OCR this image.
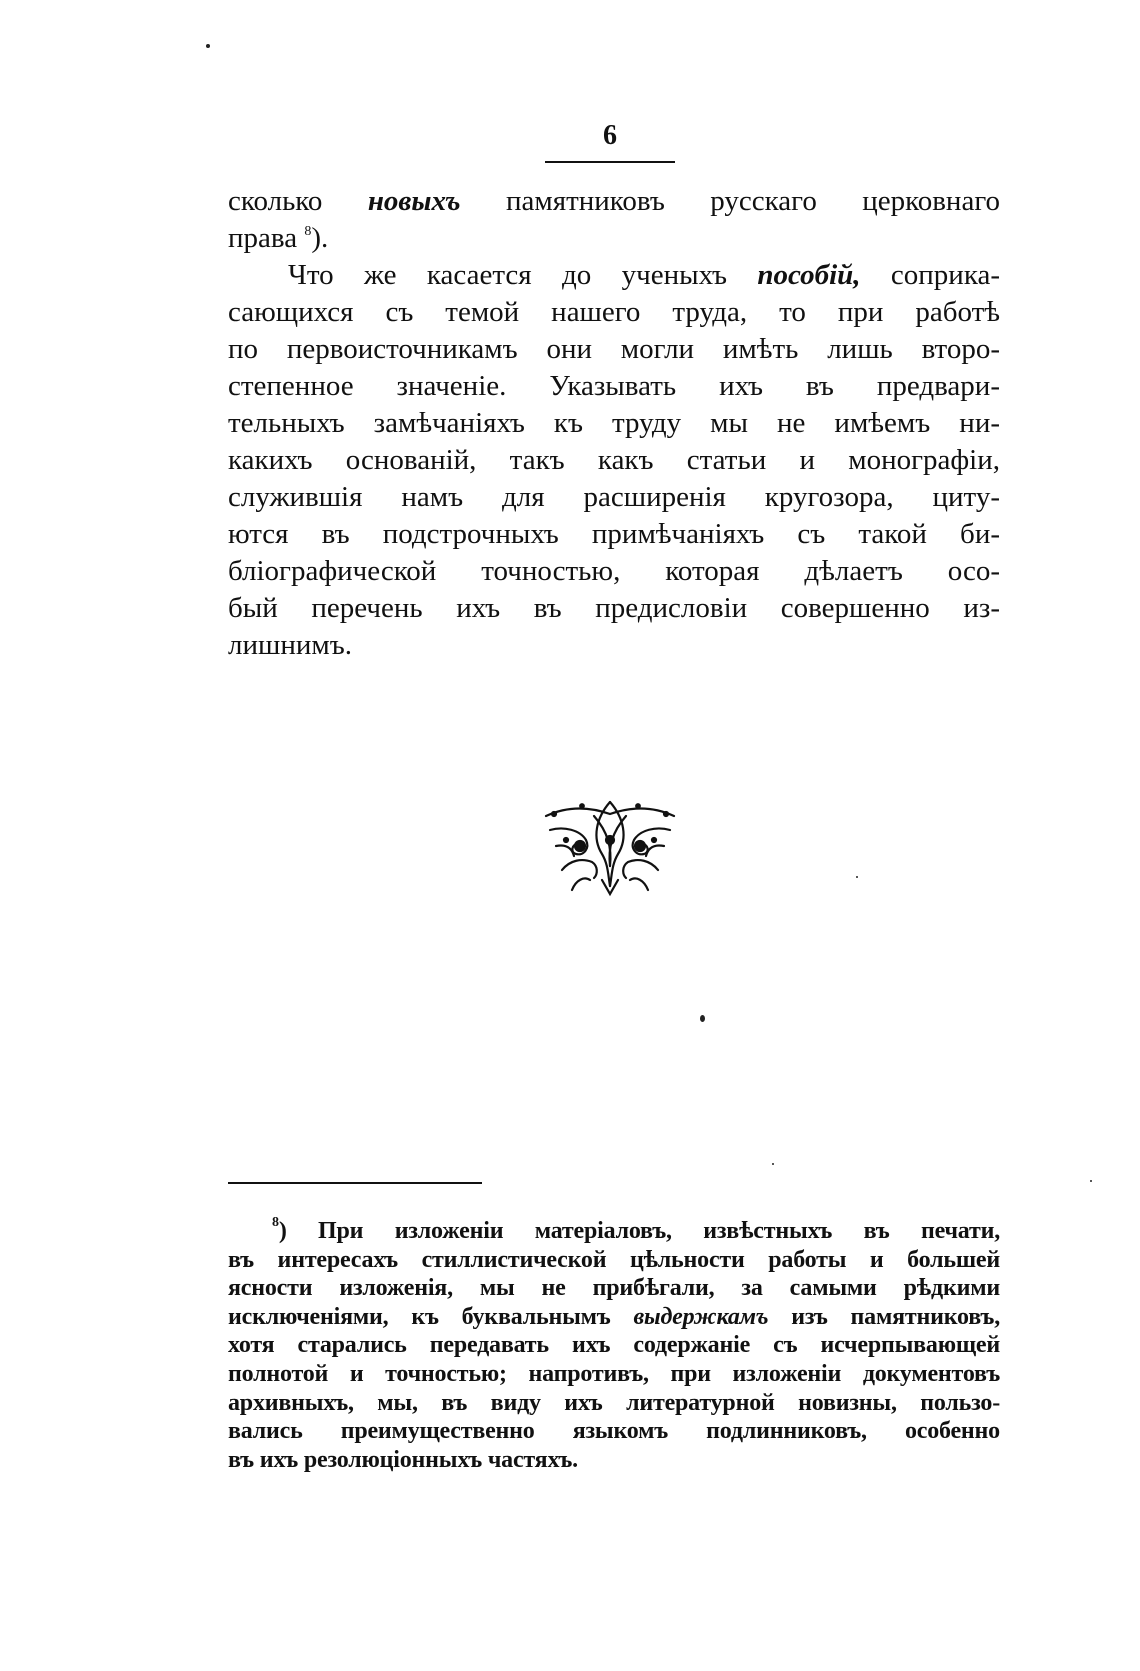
6
сколько новыхъ памятниковъ русскаго церковнаго
права $^8$).
Что же касается до ученыхъ пособій, соприка-
сающихся съ темой нашего труда, то при работѣ
по первоисточникамъ они могли имѣть лишь второ-
степенное значеніе. Указывать ихъ въ предвари-
тельныхъ замѣчаніяхъ къ труду мы не имѣемъ ни-
какихъ основаній, такъ какъ статьи и монографіи,
служившія намъ для расширенія кругозора, циту-
ются въ подстрочныхъ примѣчаніяхъ съ такой би-
бліографической точностью, которая дѣлаетъ осо-
бый перечень ихъ въ предисловіи совершенно из-
лишнимъ.
$^8$) При изложеніи матеріаловъ, извѣстныхъ въ печати,
въ интересахъ стиллистической цѣльности работы и большей
ясности изложенія, мы не прибѣгали, за самыми рѣдкими
исключеніями, къ буквальнымъ выдержкамъ изъ памятниковъ,
хотя старались передавать ихъ содержаніе съ исчерпывающей
полнотой и точностью; напротивъ, при изложеніи документовъ
архивныхъ, мы, въ виду ихъ литературной новизны, пользо-
вались преимущественно языкомъ подлинниковъ, особенно
въ ихъ резолюціонныхъ частяхъ.
